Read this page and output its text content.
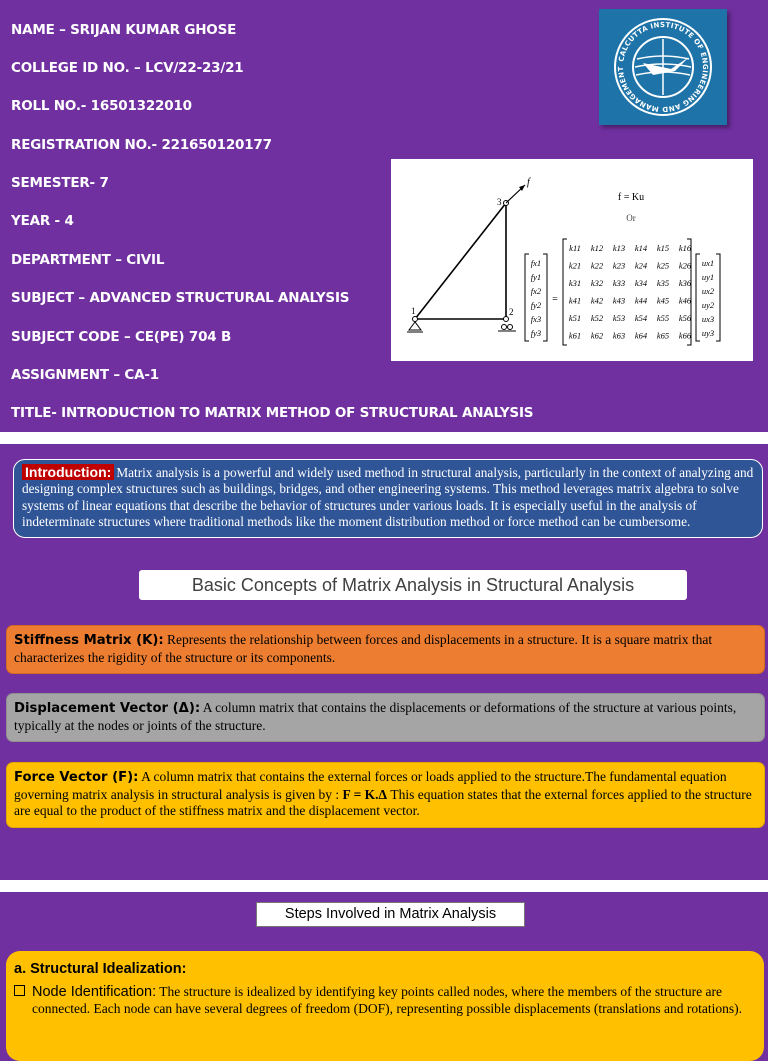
NAME – SRIJAN KUMAR GHOSE
COLLEGE ID NO. – LCV/22-23/21
ROLL NO.- 16501322010
REGISTRATION NO.- 221650120177
SEMESTER- 7
YEAR - 4
DEPARTMENT – CIVIL
SUBJECT – ADVANCED STRUCTURAL ANALYSIS
SUBJECT CODE – CE(PE) 704 B
ASSIGNMENT – CA-1
TITLE- INTRODUCTION TO MATRIX METHOD OF STRUCTURAL ANALYSIS
CALCUTTA INSTITUTE OF ENGINEERING AND MANAGEMENT
f
1	2
3	f = Ku
Or
=
fx1
fy1
fx2
fy2
fx3
fy3
k11 k12 k13 k14 k15 k16
k21 k22 k23 k24 k25 k26
k31 k32 k33 k34 k35 k36
k41 k42 k43 k44 k45 k46
k51 k52 k53 k54 k55 k56
k61 k62 k63 k64 k65 k66
ux1
uy1
ux2
uy2
ux3
uy3
Introduction: Matrix analysis is a powerful and widely used method in structural analysis, particularly in the context of analyzing and designing complex structures such as buildings, bridges, and other engineering systems. This method leverages matrix algebra to solve systems of linear equations that describe the behavior of structures under various loads. It is especially useful in the analysis of indeterminate structures where traditional methods like the moment distribution method or force method can be cumbersome.
Basic Concepts of Matrix Analysis in Structural Analysis
Stiffness Matrix (K): Represents the relationship between forces and displacements in a structure. It is a square matrix that characterizes the rigidity of the structure or its components.
Displacement Vector (Δ): A column matrix that contains the displacements or deformations of the structure at various points, typically at the nodes or joints of the structure.
Force Vector (F): A column matrix that contains the external forces or loads applied to the structure.The fundamental equation governing matrix analysis in structural analysis is given by : F = K.Δ This equation states that the external forces applied to the structure are equal to the product of the stiffness matrix and the displacement vector.
Steps Involved in Matrix Analysis
a. Structural Idealization:
Node Identification: The structure is idealized by identifying key points called nodes, where the members of the structure are connected. Each node can have several degrees of freedom (DOF), representing possible displacements (translations and rotations).
